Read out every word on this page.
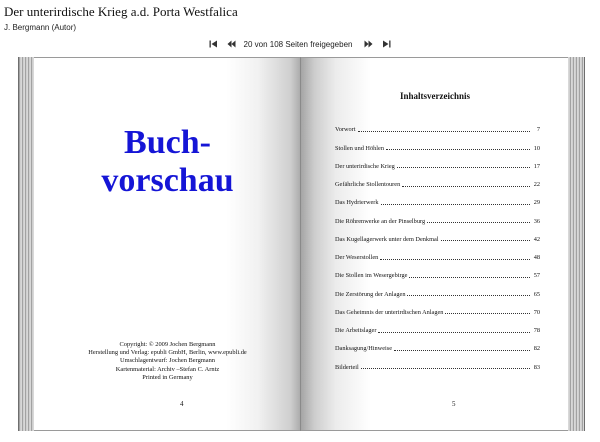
Der unterirdische Krieg a.d. Porta Westfalica
J. Bergmann (Autor)
20 von 108 Seiten freigegeben
Buch-
vorschau
Copyright: © 2009 Jochen Bergmann
Herstellung und Verlag: epubli GmbH, Berlin, www.epubli.de
Umschlagentwurf: Jochen Bergmann
Kartenmaterial: Archiv –Stefan C. Arntz
Printed in Germany
4
Inhaltsverzeichnis
Vorwort	7
Stollen und Höhlen	10
Der unterirdische Krieg	17
Gefährliche Stollentouren	22
Das Hydrierwerk	29
Die Röhrenwerke an der Pinselburg	36
Das Kugellagerwerk unter dem Denkmal	42
Der Weserstollen	48
Die Stollen im Wesergebirge	57
Die Zerstörung der Anlagen	65
Das Geheimnis der unterirdischen Anlagen	70
Die Arbeitslager	78
Danksagung/Hinweise	82
Bilderteil	83
5
